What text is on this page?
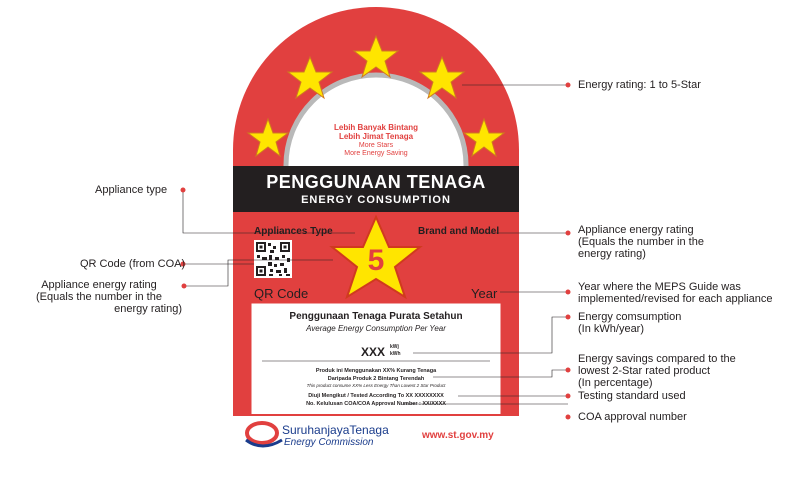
Lebih Banyak Bintang
Lebih Jimat Tenaga
More Stars
More Energy Saving
PENGGUNAAN TENAGA
ENERGY CONSUMPTION
Appliances Type	Brand and Model
QR Code	Year
5
Penggunaan Tenaga Purata Setahun
Average Energy Consumption Per Year
XXX kWj
kWh
Produk ini Menggunakan XX% Kurang Tenaga
Daripada Produk 2 Bintang Terendah
This product consume XX% Less Energy Than Lowest 2 Star Product
Diuji Mengikut / Tested According To XX XXXXXXXX
No. Kelulusan COA/COA Approval Number : XX/XXXX
SuruhanjayaTenaga
Energy Commission
www.st.gov.my
Energy rating: 1 to 5-Star
Appliance type
Appliance energy rating
(Equals the number in the
energy rating)
QR Code (from COA)
Appliance energy rating
(Equals the number in the
energy rating)
Year where the MEPS Guide was
implemented/revised for each appliance
Energy comsumption
(In kWh/year)
Energy savings compared to the
lowest 2-Star rated product
(In percentage)
Testing standard used
COA approval number
